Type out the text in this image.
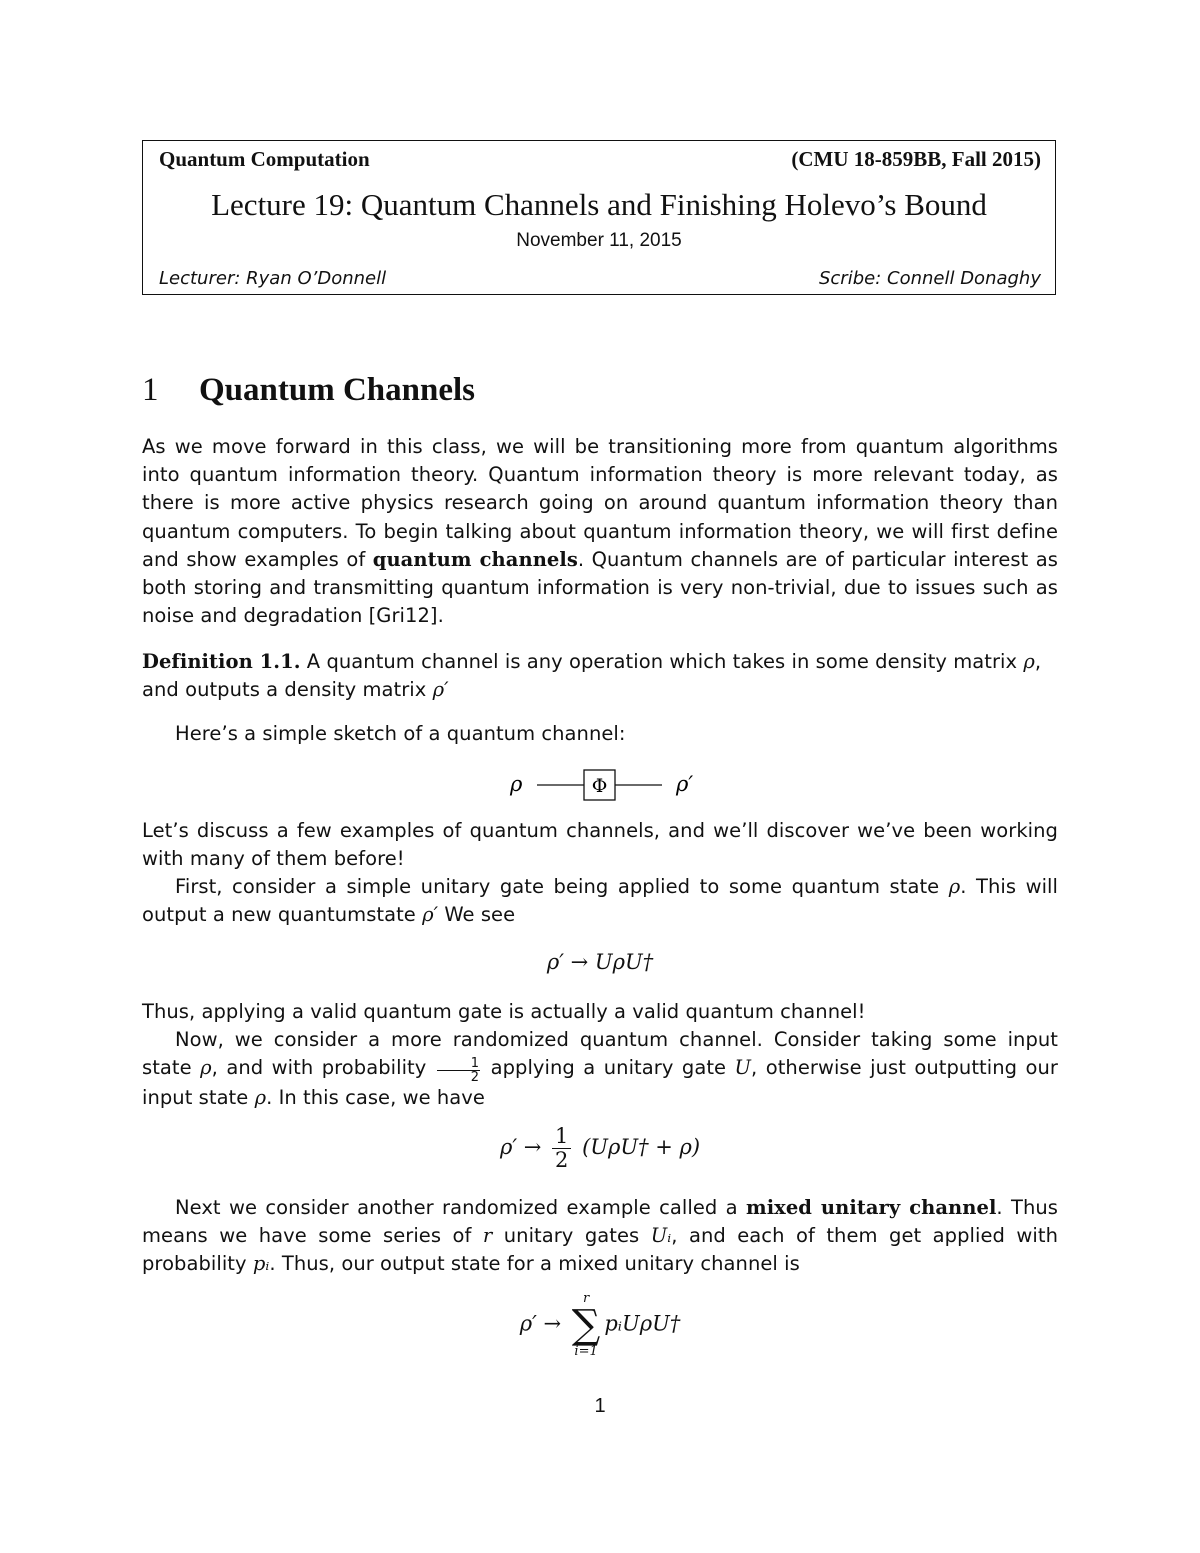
Quantum Computation	(CMU 18-859BB, Fall 2015)
Lecture 19: Quantum Channels and Finishing Holevo’s Bound
November 11, 2015
Lecturer: Ryan O’Donnell	Scribe: Connell Donaghy
1 Quantum Channels
As we move forward in this class, we will be transitioning more from quantum algorithms into quantum information theory. Quantum information theory is more relevant today, as there is more active physics research going on around quantum information theory than quantum computers. To begin talking about quantum information theory, we will first define and show examples of quantum channels. Quantum channels are of particular interest as both storing and transmitting quantum information is very non-trivial, due to issues such as noise and degradation [Gri12].
Definition 1.1. A quantum channel is any operation which takes in some density matrix ρ,
and outputs a density matrix ρ′
Here’s a simple sketch of a quantum channel:
ρ	Φ	ρ′
Let’s discuss a few examples of quantum channels, and we’ll discover we’ve been working with many of them before!
First, consider a simple unitary gate being applied to some quantum state ρ. This will output a new quantumstate ρ′ We see
ρ′ → UρU†
Thus, applying a valid quantum gate is actually a valid quantum channel!
Now, we consider a more randomized quantum channel. Consider taking some input state ρ, and with probability $\frac{1}{2}$ applying a unitary gate U, otherwise just outputting our input state ρ. In this case, we have
$\rho' \to \frac{1}{2}$ (UρU† + ρ)
Next we consider another randomized example called a mixed unitary channel. Thus means we have some series of r unitary gates Uᵢ, and each of them get applied with probability pᵢ. Thus, our output state for a mixed unitary channel is
ρ′ →
r
∑
i=1
pᵢUρU†
1
